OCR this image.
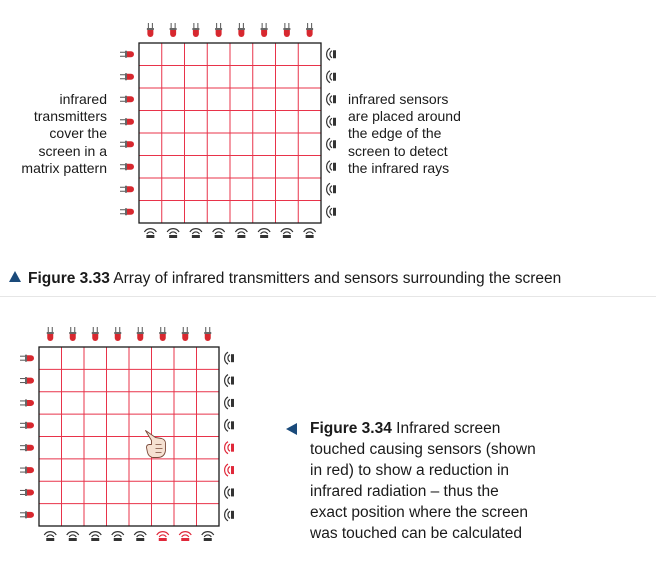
infrared
transmitters
cover the
screen in a
matrix pattern
infrared sensors
are placed around
the edge of the
screen to detect
the infrared rays
Figure 3.33 Array of infrared transmitters and sensors surrounding the screen
Figure 3.34 Infrared screen
touched causing sensors (shown
in red) to show a reduction in
infrared radiation – thus the
exact position where the screen
was touched can be calculated
